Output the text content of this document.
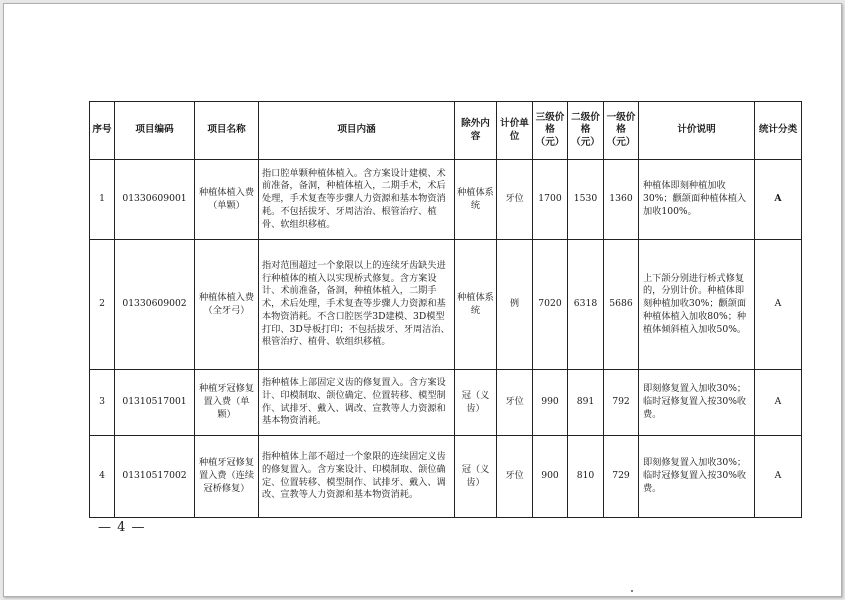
序号	项目编码	项目名称	项目内涵	除外内容	计价单位	三级价格（元）	二级价格（元）	一级价格（元）	计价说明	统计分类
1	01330609001	种植体植入费（单颗）	指口腔单颗种植体植入。含方案设计建模、术前准备，备洞，种植体植入，二期手术，术后处理，手术复查等步骤人力资源和基本物资消耗。不包括拔牙、牙周洁治、根管治疗、植骨、软组织移植。	种植体系统	牙位	1700	1530	1360	种植体即刻种植加收30%；颧颌面种植体植入加收100%。	A
2	01330609002	种植体植入费（全牙弓）	指对范围超过一个象限以上的连续牙齿缺失进行种植体的植入以实现桥式修复。含方案设计、术前准备，备洞，种植体植入，二期手术，术后处理，手术复查等步骤人力资源和基本物资消耗。不含口腔医学3D建模、3D模型打印、3D导板打印；不包括拔牙、牙周洁治、根管治疗、植骨、软组织移植。	种植体系统	例	7020	6318	5686	上下颌分别进行桥式修复的，分别计价。种植体即刻种植加收30%；颧颌面种植体植入加收80%；种植体倾斜植入加收50%。	A
3	01310517001	种植牙冠修复置入费（单颗）	指种植体上部固定义齿的修复置入。含方案设计、印模制取、颌位确定、位置转移、模型制作、试排牙、戴入、调改、宣教等人力资源和基本物资消耗。	冠（义齿）	牙位	990	891	792	即刻修复置入加收30%；临时冠修复置入按30%收费。	A
4	01310517002	种植牙冠修复置入费（连续冠桥修复）	指种植体上部不超过一个象限的连续固定义齿的修复置入。含方案设计、印模制取、颌位确定、位置转移、模型制作、试排牙、戴入、调改、宣教等人力资源和基本物资消耗。	冠（义齿）	牙位	900	810	729	即刻修复置入加收30%；临时冠修复置入按30%收费。	A
— 4 —
